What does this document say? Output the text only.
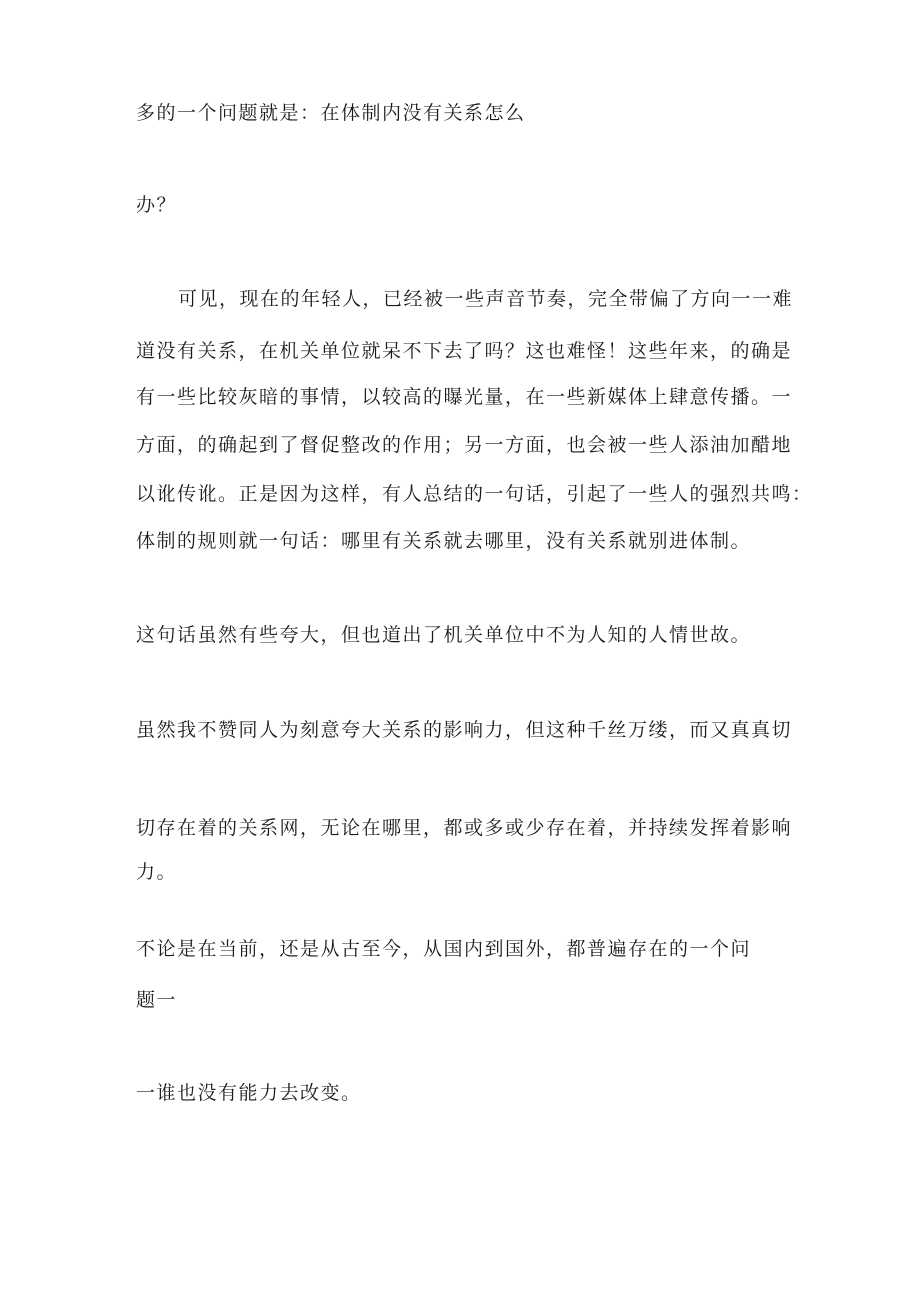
多的一个问题就是：在体制内没有关系怎么
办？
可见，现在的年轻人，已经被一些声音节奏，完全带偏了方向一一难
道没有关系，在机关单位就呆不下去了吗？这也难怪！这些年来，的确是
有一些比较灰暗的事情，以较高的曝光量，在一些新媒体上肆意传播。一
方面，的确起到了督促整改的作用；另一方面，也会被一些人添油加醋地
以讹传讹。正是因为这样，有人总结的一句话，引起了一些人的强烈共鸣：
体制的规则就一句话：哪里有关系就去哪里，没有关系就别进体制。
这句话虽然有些夸大，但也道出了机关单位中不为人知的人情世故。
虽然我不赞同人为刻意夸大关系的影响力，但这种千丝万缕，而又真真切
切存在着的关系网，无论在哪里，都或多或少存在着，并持续发挥着影响
力。
不论是在当前，还是从古至今，从国内到国外，都普遍存在的一个问
题一
一谁也没有能力去改变。
